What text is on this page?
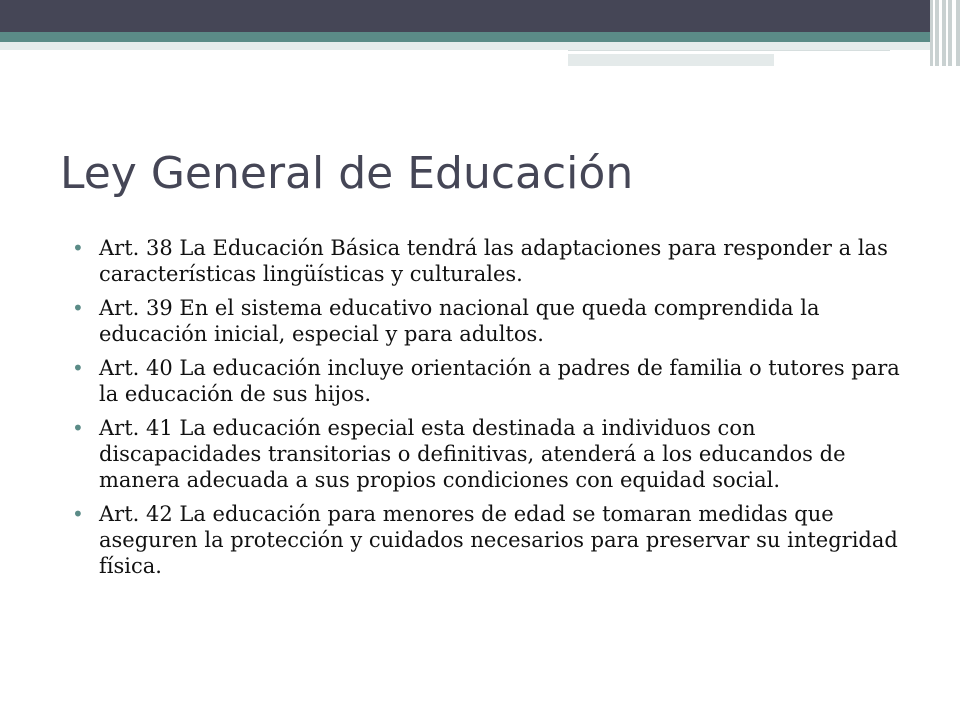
Ley General de Educación
• Art. 38 La Educación Básica tendrá las adaptaciones para responder a las características lingüísticas y culturales.
• Art. 39 En el sistema educativo nacional que queda comprendida la educación inicial, especial y para adultos.
• Art. 40 La educación incluye orientación a padres de familia o tutores para la educación de sus hijos.
• Art. 41 La educación especial esta destinada a individuos con discapacidades transitorias o definitivas, atenderá a los educandos de manera adecuada a sus propios condiciones con equidad social.
• Art. 42 La educación para menores de edad se tomaran medidas que aseguren la protección y cuidados necesarios para preservar su integridad física.
